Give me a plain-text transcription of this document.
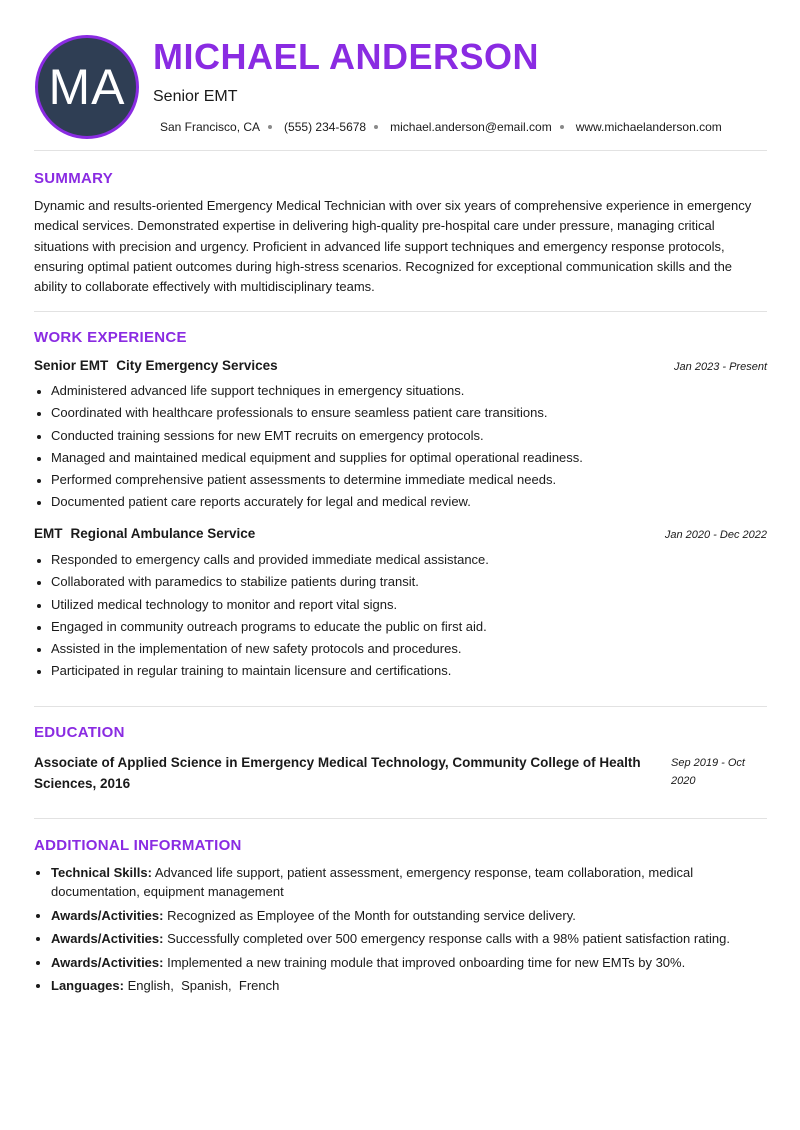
MA
MICHAEL ANDERSON
Senior EMT
San Francisco, CA (555) 234-5678 michael.anderson@email.com www.michaelanderson.com
SUMMARY
Dynamic and results-oriented Emergency Medical Technician with over six years of comprehensive experience in emergency medical services. Demonstrated expertise in delivering high-quality pre-hospital care under pressure, managing critical situations with precision and urgency. Proficient in advanced life support techniques and emergency response protocols, ensuring optimal patient outcomes during high-stress scenarios. Recognized for exceptional communication skills and the ability to collaborate effectively with multidisciplinary teams.
WORK EXPERIENCE
Senior EMT City Emergency Services	Jan 2023 - Present
• Administered advanced life support techniques in emergency situations.
• Coordinated with healthcare professionals to ensure seamless patient care transitions.
• Conducted training sessions for new EMT recruits on emergency protocols.
• Managed and maintained medical equipment and supplies for optimal operational readiness.
• Performed comprehensive patient assessments to determine immediate medical needs.
• Documented patient care reports accurately for legal and medical review.
EMT Regional Ambulance Service	Jan 2020 - Dec 2022
• Responded to emergency calls and provided immediate medical assistance.
• Collaborated with paramedics to stabilize patients during transit.
• Utilized medical technology to monitor and report vital signs.
• Engaged in community outreach programs to educate the public on first aid.
• Assisted in the implementation of new safety protocols and procedures.
• Participated in regular training to maintain licensure and certifications.
EDUCATION
Associate of Applied Science in Emergency Medical Technology, Community College of Health Sciences, 2016
Sep 2019 - Oct 2020
ADDITIONAL INFORMATION
• Technical Skills: Advanced life support, patient assessment, emergency response, team collaboration, medical documentation, equipment management
• Awards/Activities: Recognized as Employee of the Month for outstanding service delivery.
• Awards/Activities: Successfully completed over 500 emergency response calls with a 98% patient satisfaction rating.
• Awards/Activities: Implemented a new training module that improved onboarding time for new EMTs by 30%.
• Languages: English,  Spanish,  French
